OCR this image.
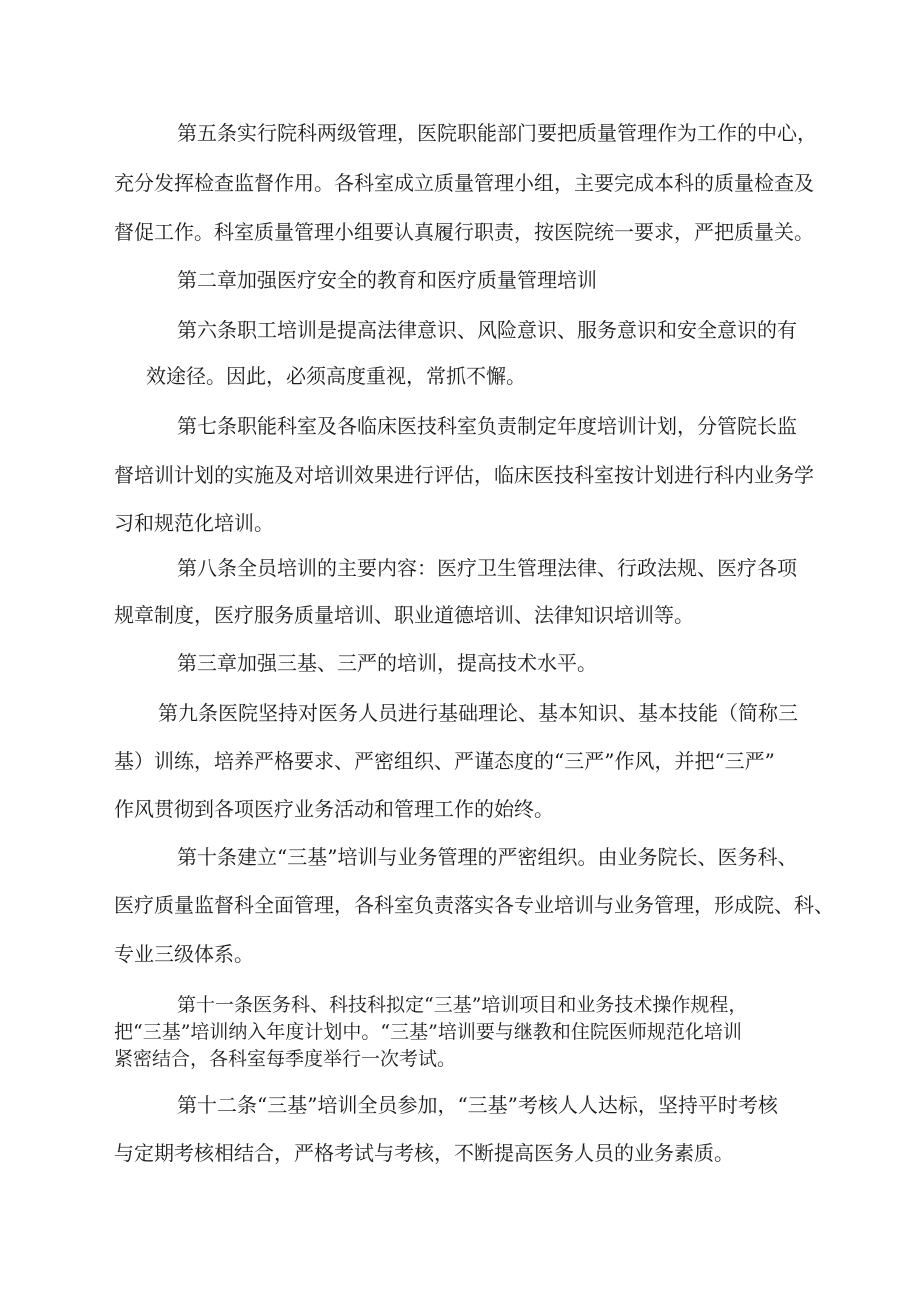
第五条实行院科两级管理，医院职能部门要把质量管理作为工作的中心，

充分发挥检查监督作用。各科室成立质量管理小组，主要完成本科的质量检查及

督促工作。科室质量管理小组要认真履行职责，按医院统一要求，严把质量关。

第二章加强医疗安全的教育和医疗质量管理培训

第六条职工培训是提高法律意识、风险意识、服务意识和安全意识的有

效途径。因此，必须高度重视，常抓不懈。

第七条职能科室及各临床医技科室负责制定年度培训计划，分管院长监

督培训计划的实施及对培训效果进行评估，临床医技科室按计划进行科内业务学

习和规范化培训。

第八条全员培训的主要内容：医疗卫生管理法律、行政法规、医疗各项

规章制度，医疗服务质量培训、职业道德培训、法律知识培训等。

第三章加强三基、三严的培训，提高技术水平。

第九条医院坚持对医务人员进行基础理论、基本知识、基本技能（简称三

基）训练，培养严格要求、严密组织、严谨态度的“三严”作风，并把“三严”

作风贯彻到各项医疗业务活动和管理工作的始终。

第十条建立“三基”培训与业务管理的严密组织。由业务院长、医务科、

医疗质量监督科全面管理，各科室负责落实各专业培训与业务管理，形成院、科、

专业三级体系。

第十一条医务科、科技科拟定“三基”培训项目和业务技术操作规程，

把“三基”培训纳入年度计划中。“三基”培训要与继教和住院医师规范化培训

紧密结合，各科室每季度举行一次考试。

第十二条“三基”培训全员参加，“三基”考核人人达标，坚持平时考核

与定期考核相结合，严格考试与考核，不断提高医务人员的业务素质。
